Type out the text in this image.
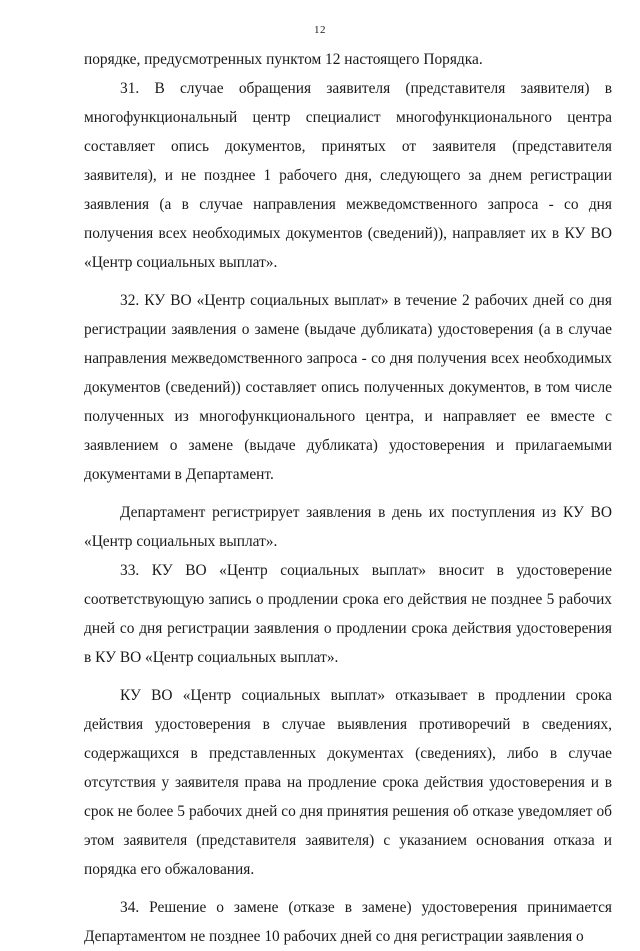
12

порядке, предусмотренных пунктом 12 настоящего Порядка.

31. В случае обращения заявителя (представителя заявителя) в многофункциональный центр специалист многофункционального центра составляет опись документов, принятых от заявителя (представителя заявителя), и не позднее 1 рабочего дня, следующего за днем регистрации заявления (а в случае направления межведомственного запроса - со дня получения всех необходимых документов (сведений)), направляет их в КУ ВО «Центр социальных выплат».

32. КУ ВО «Центр социальных выплат» в течение 2 рабочих дней со дня регистрации заявления о замене (выдаче дубликата) удостоверения (а в случае направления межведомственного запроса - со дня получения всех необходимых документов (сведений)) составляет опись полученных документов, в том числе полученных из многофункционального центра, и направляет ее вместе с заявлением о замене (выдаче дубликата) удостоверения и прилагаемыми документами в Департамент.

Департамент регистрирует заявления в день их поступления из КУ ВО «Центр социальных выплат».

33. КУ ВО «Центр социальных выплат» вносит в удостоверение соответствующую запись о продлении срока его действия не позднее 5 рабочих дней со дня регистрации заявления о продлении срока действия удостоверения в КУ ВО «Центр социальных выплат».

КУ ВО «Центр социальных выплат» отказывает в продлении срока действия удостоверения в случае выявления противоречий в сведениях, содержащихся в представленных документах (сведениях), либо в случае отсутствия у заявителя права на продление срока действия удостоверения и в срок не более 5 рабочих дней со дня принятия решения об отказе уведомляет об этом заявителя (представителя заявителя) с указанием основания отказа и порядка его обжалования.

34. Решение о замене (отказе в замене) удостоверения принимается Департаментом не позднее 10 рабочих дней со дня регистрации заявления о
